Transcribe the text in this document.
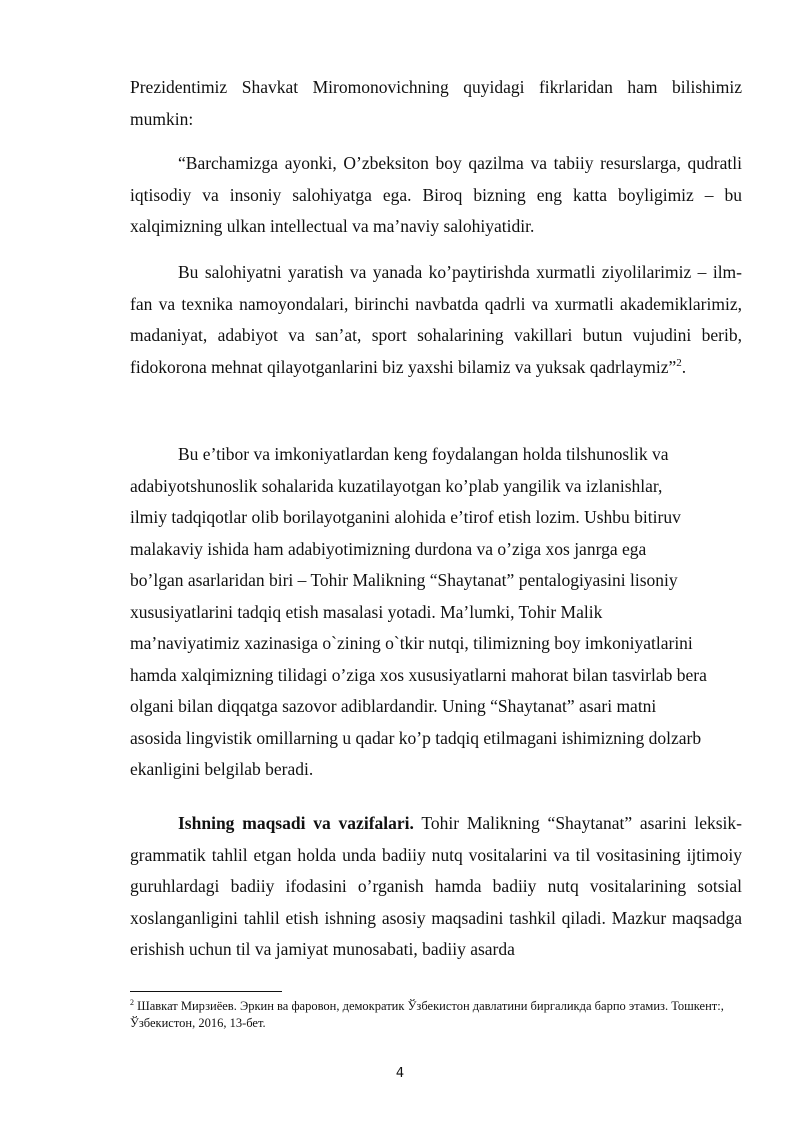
Prezidentimiz Shavkat Miromonovichning quyidagi fikrlaridan ham bilishimiz mumkin:

“Barchamizga ayonki, O’zbeksiton boy qazilma va tabiiy resurslarga, qudratli iqtisodiy va insoniy salohiyatga ega. Biroq bizning eng katta boyligimiz – bu xalqimizning ulkan intellectual va ma’naviy salohiyatidir.

Bu salohiyatni yaratish va yanada ko’paytirishda xurmatli ziyolilarimiz – ilm-fan va texnika namoyondalari, birinchi navbatda qadrli va xurmatli akademiklarimiz, madaniyat, adabiyot va san’at, sport sohalarining vakillari butun vujudini berib, fidokorona mehnat qilayotganlarini biz yaxshi bilamiz va yuksak qadrlaymiz”$^2$.

Bu e’tibor va imkoniyatlardan keng foydalangan holda tilshunoslik va
adabiyotshunoslik sohalarida kuzatilayotgan ko’plab yangilik va izlanishlar,
ilmiy tadqiqotlar olib borilayotganini alohida e’tirof etish lozim. Ushbu bitiruv
malakaviy ishida ham adabiyotimizning durdona va o’ziga xos janrga ega
bo’lgan asarlaridan biri – Tohir Malikning “Shaytanat” pentalogiyasini lisoniy
xususiyatlarini tadqiq etish masalasi yotadi. Ma’lumki, Tohir Malik
ma’naviyatimiz xazinasiga o`zining o`tkir nutqi, tilimizning boy imkoniyatlarini
hamda xalqimizning tilidagi o’ziga xos xususiyatlarni mahorat bilan tasvirlab bera
olgani bilan diqqatga sazovor adiblardandir. Uning “Shaytanat” asari matni
asosida lingvistik omillarning u qadar ko’p tadqiq etilmagani ishimizning dolzarb
ekanligini belgilab beradi.

Ishning maqsadi va vazifalari. Tohir Malikning “Shaytanat” asarini leksik-grammatik tahlil etgan holda unda badiiy nutq vositalarini va til vositasining ijtimoiy guruhlardagi badiiy ifodasini o’rganish hamda badiiy nutq vositalarining sotsial xoslanganligini tahlil etish ishning asosiy maqsadini tashkil qiladi. Mazkur maqsadga erishish uchun til va jamiyat munosabati, badiiy asarda

$^2$ Шавкат Мирзиёев. Эркин ва фаровон, демократик Ўзбекистон давлатини биргаликда барпо этамиз. Тошкент:, Ўзбекистон, 2016, 13-бет.

4
